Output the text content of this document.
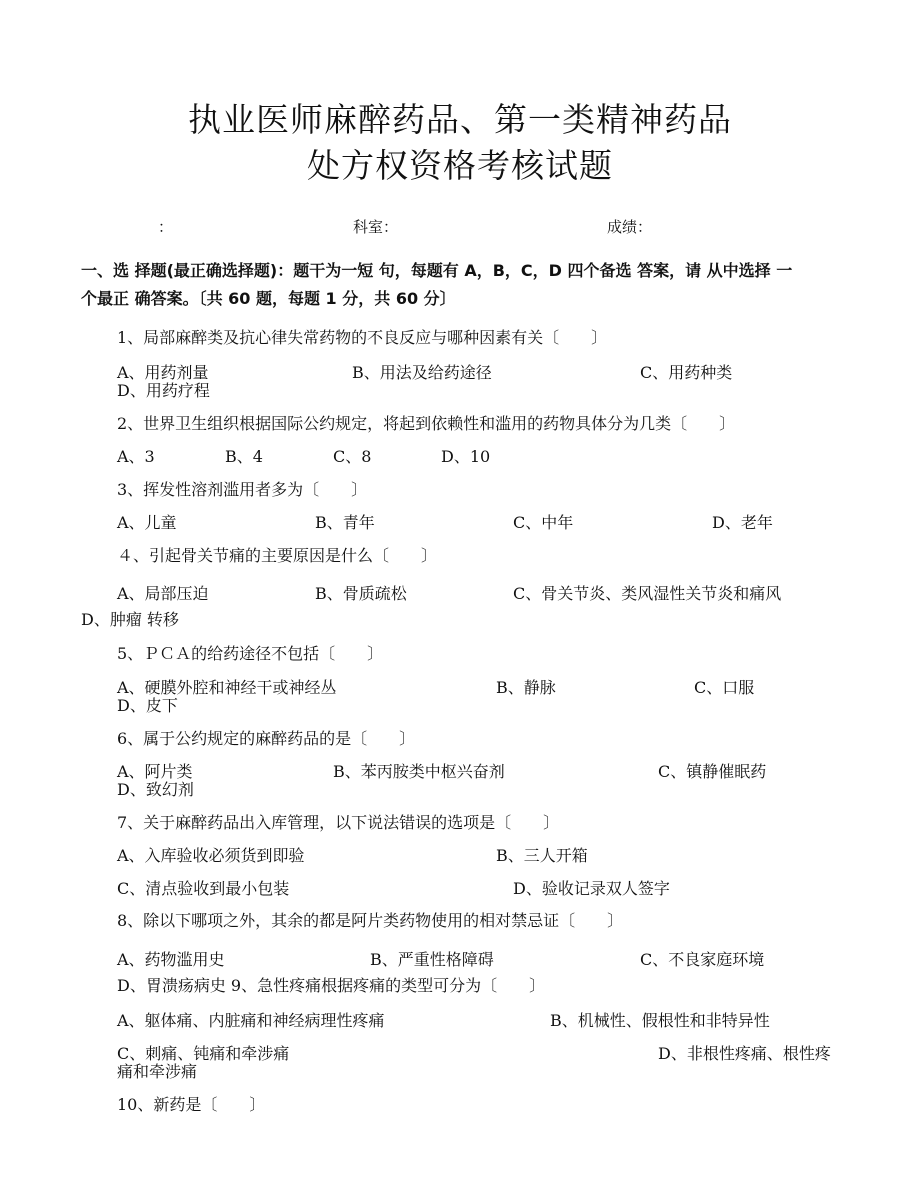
执业医师麻醉药品、第一类精神药品
处方权资格考核试题
：	科室：	成绩：
一、选 择题(最正确选择题)：题干为一短 句，每题有 A，B，C，D 四个备选 答案，请 从中选择 一
个最正 确答案。〔共 60 题，每题 1 分，共 60 分〕
1、局部麻醉类及抗心律失常药物的不良反应与哪种因素有关〔　　〕
A、用药剂量	B、用法及给药途径	C、用药种类
D、用药疗程
2、世界卫生组织根据国际公约规定，将起到依赖性和滥用的药物具体分为几类〔　　〕
A、3	B、4	C、8	D、10
3、挥发性溶剂滥用者多为〔　　〕
A、儿童	B、青年	C、中年	D、老年
４、引起骨关节痛的主要原因是什么〔　　〕
A、局部压迫	B、骨质疏松	C、骨关节炎、类风湿性关节炎和痛风
D、肿瘤 转移
5、ＰＣＡ的给药途径不包括〔　　〕
A、硬膜外腔和神经干或神经丛	B、静脉	C、口服
D、皮下
6、属于公约规定的麻醉药品的是〔　　〕
A、阿片类	B、苯丙胺类中枢兴奋剂	C、镇静催眠药
D、致幻剂
7、关于麻醉药品出入库管理，以下说法错误的选项是〔　　〕
A、入库验收必须货到即验	B、三人开箱
C、清点验收到最小包装	D、验收记录双人签字
8、除以下哪项之外，其余的都是阿片类药物使用的相对禁忌证〔　　〕
A、药物滥用史	B、严重性格障碍	C、不良家庭环境
D、胃溃疡病史 9、急性疼痛根据疼痛的类型可分为〔　　〕
A、躯体痛、内脏痛和神经病理性疼痛	B、机械性、假根性和非特异性
C、刺痛、钝痛和牵涉痛	D、非根性疼痛、根性疼
痛和牵涉痛
10、新药是〔　　〕
